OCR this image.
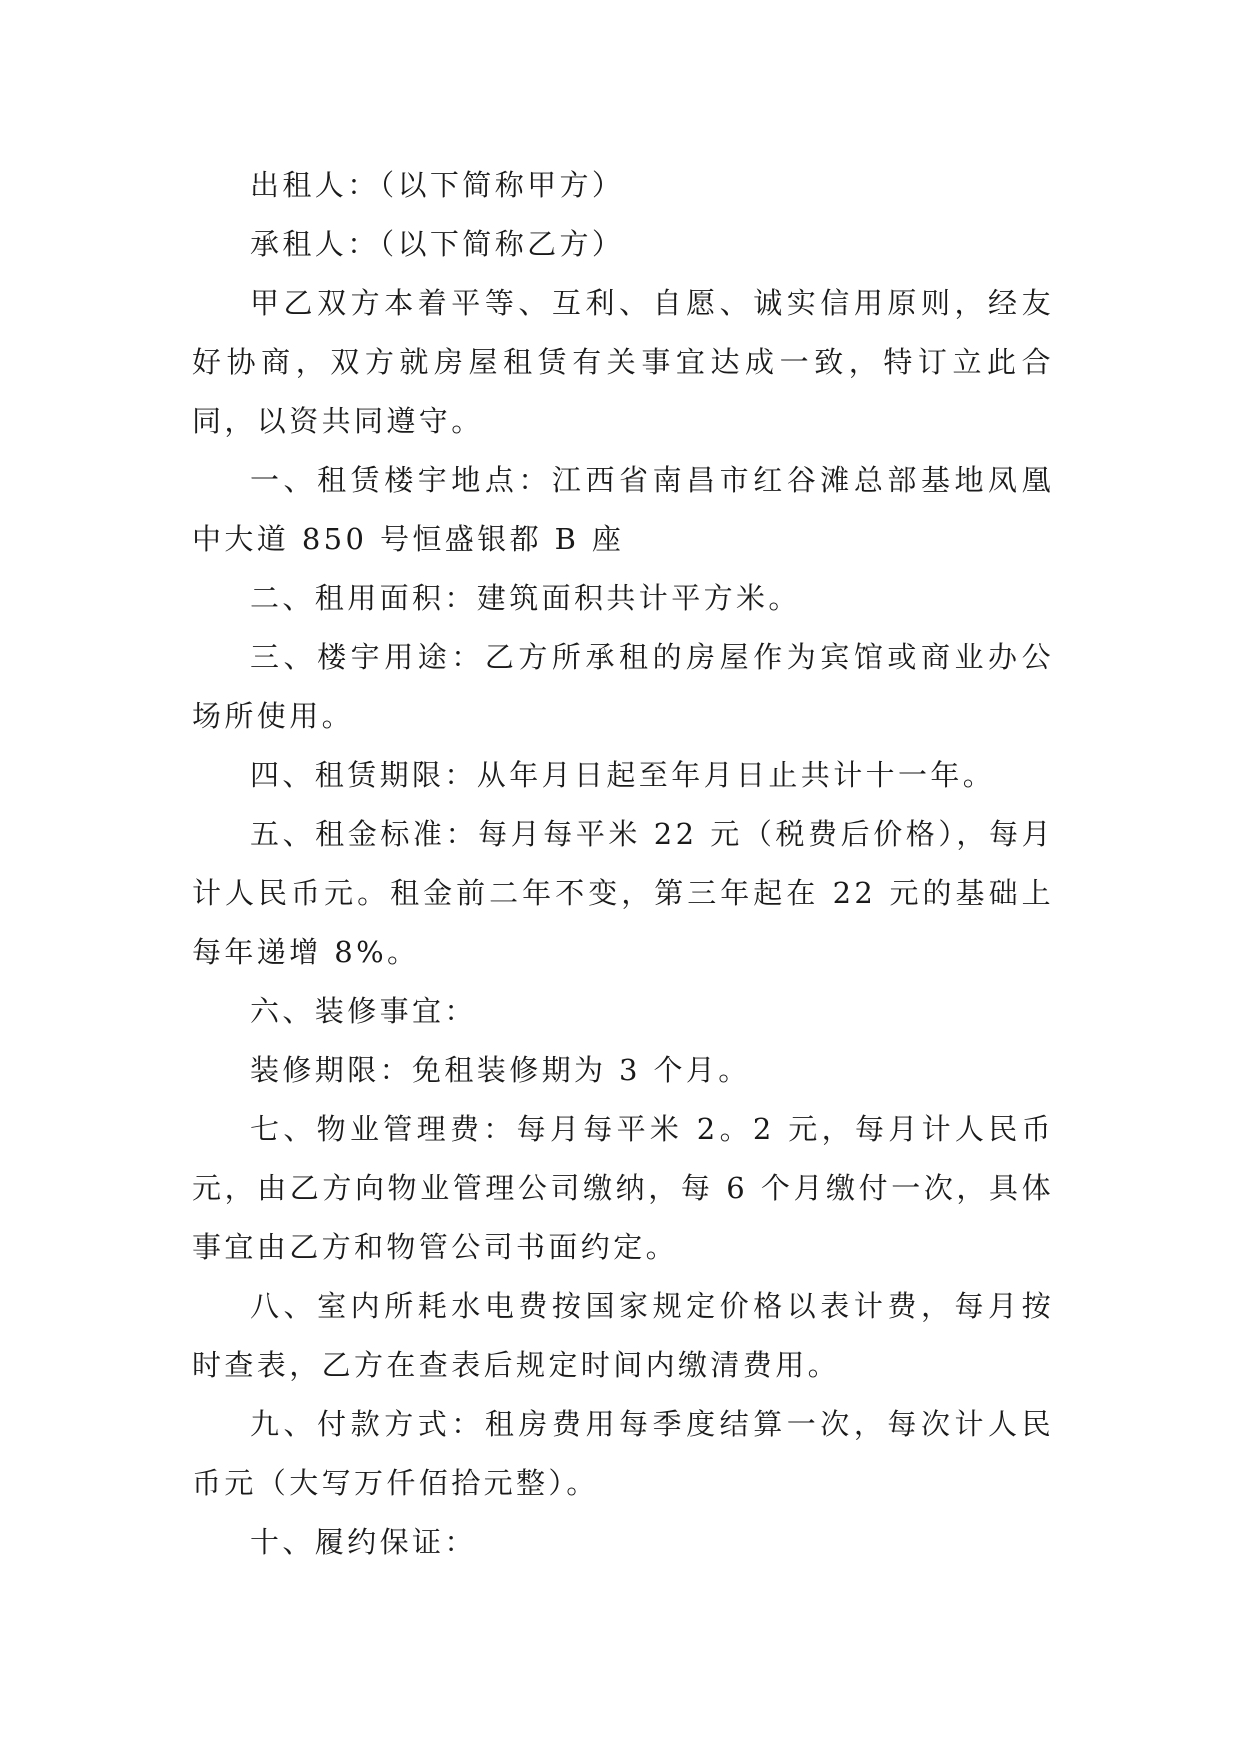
出租人：（以下简称甲方）

承租人：（以下简称乙方）

甲乙双方本着平等、互利、自愿、诚实信用原则，经友好协商，双方就房屋租赁有关事宜达成一致，特订立此合同，以资共同遵守。

一、租赁楼宇地点：江西省南昌市红谷滩总部基地凤凰中大道 850 号恒盛银都 B 座

二、租用面积：建筑面积共计平方米。

三、楼宇用途：乙方所承租的房屋作为宾馆或商业办公场所使用。

四、租赁期限：从年月日起至年月日止共计十一年。

五、租金标准：每月每平米 22 元（税费后价格），每月计人民币元。租金前二年不变，第三年起在 22 元的基础上每年递增 8%。

六、装修事宜：

装修期限：免租装修期为 3 个月。

七、物业管理费：每月每平米 2。2 元，每月计人民币元，由乙方向物业管理公司缴纳，每 6 个月缴付一次，具体事宜由乙方和物管公司书面约定。

八、室内所耗水电费按国家规定价格以表计费，每月按时查表，乙方在查表后规定时间内缴清费用。

九、付款方式：租房费用每季度结算一次，每次计人民币元（大写万仟佰拾元整）。

十、履约保证：
